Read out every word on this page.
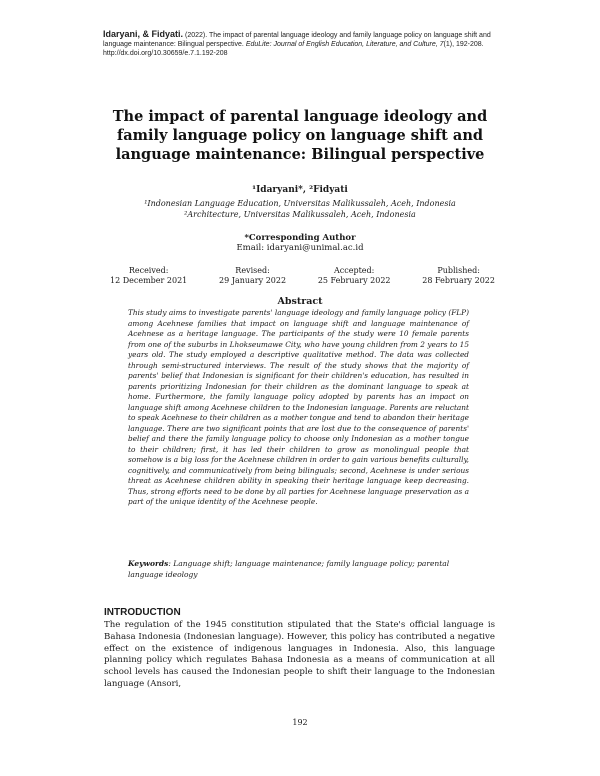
Idaryani, & Fidyati. (2022). The impact of parental language ideology and family language policy on language shift and language maintenance: Bilingual perspective. EduLite: Journal of English Education, Literature, and Culture, 7(1), 192-208. http://dx.doi.org/10.30659/e.7.1.192-208
The impact of parental language ideology and family language policy on language shift and language maintenance: Bilingual perspective
¹Idaryani*, ²Fidyati
¹Indonesian Language Education, Universitas Malikussaleh, Aceh, Indonesia
²Architecture, Universitas Malikussaleh, Aceh, Indonesia
*Corresponding Author
Email: idaryani@unimal.ac.id
Received:
12 December 2021
Revised:
29 January 2022
Accepted:
25 February 2022
Published:
28 February 2022
Abstract
This study aims to investigate parents' language ideology and family language policy (FLP) among Acehnese families that impact on language shift and language maintenance of Acehnese as a heritage language. The participants of the study were 10 female parents from one of the suburbs in Lhokseumawe City, who have young children from 2 years to 15 years old. The study employed a descriptive qualitative method. The data was collected through semi-structured interviews. The result of the study shows that the majority of parents' belief that Indonesian is significant for their children's education, has resulted in parents prioritizing Indonesian for their children as the dominant language to speak at home. Furthermore, the family language policy adopted by parents has an impact on language shift among Acehnese children to the Indonesian language. Parents are reluctant to speak Acehnese to their children as a mother tongue and tend to abandon their heritage language. There are two significant points that are lost due to the consequence of parents' belief and there the family language policy to choose only Indonesian as a mother tongue to their children; first, it has led their children to grow as monolingual people that somehow is a big loss for the Acehnese children in order to gain various benefits culturally, cognitively, and communicatively from being bilinguals; second, Acehnese is under serious threat as Acehnese children ability in speaking their heritage language keep decreasing. Thus, strong efforts need to be done by all parties for Acehnese language preservation as a part of the unique identity of the Acehnese people.
Keywords: Language shift; language maintenance; family language policy; parental language ideology
INTRODUCTION
The regulation of the 1945 constitution stipulated that the State's official language is Bahasa Indonesia (Indonesian language). However, this policy has contributed a negative effect on the existence of indigenous languages in Indonesia. Also, this language planning policy which regulates Bahasa Indonesia as a means of communication at all school levels has caused the Indonesian people to shift their language to the Indonesian language (Ansori,
192
